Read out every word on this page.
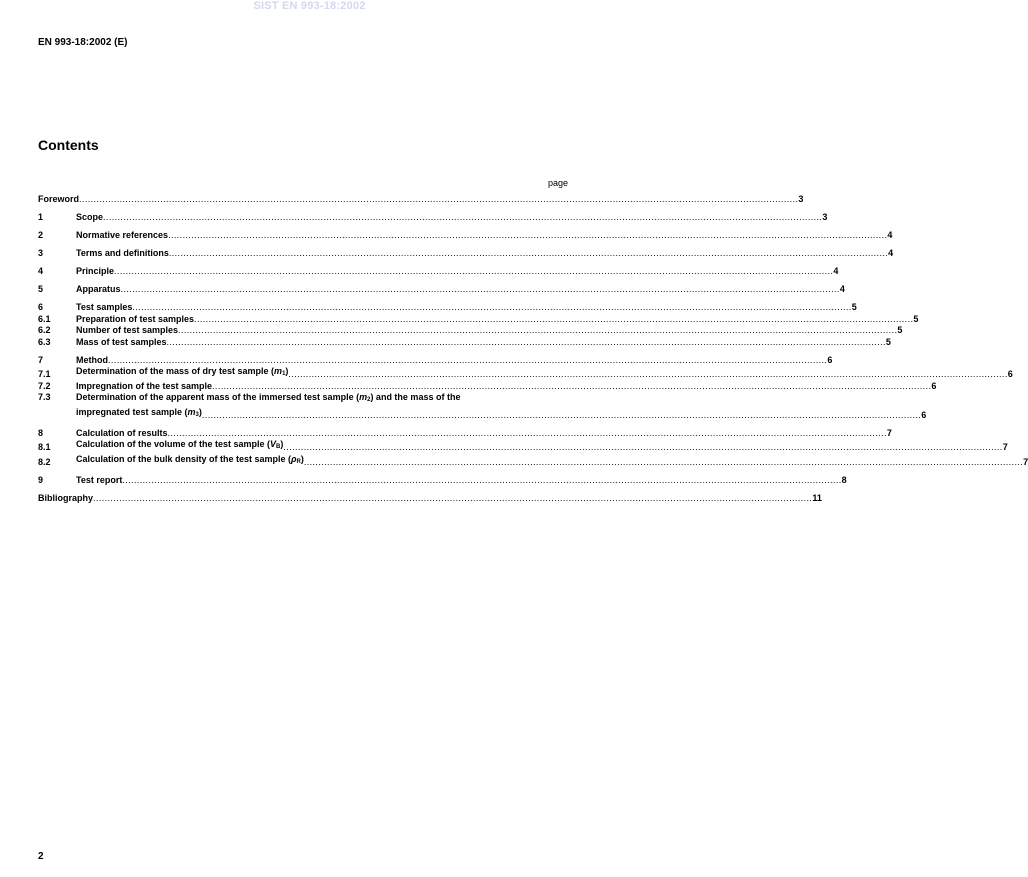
SIST EN 993-18:2002
EN 993-18:2002 (E)
Contents
page
Foreword .....	3
1	Scope .....	3
2	Normative references .....	4
3	Terms and definitions .....	4
4	Principle .....	4
5	Apparatus .....	4
6	Test samples .....	5
6.1	Preparation of test samples .....	5
6.2	Number of test samples .....	5
6.3	Mass of test samples .....	5
7	Method .....	6
7.1	Determination of the mass of dry test sample $(m_1)$ .....	6
7.2	Impregnation of the test sample .....	6
7.3	Determination of the apparent mass of the immersed test sample $(m_2)$ and the mass of the
impregnated test sample $(m_3)$ .....	6
8	Calculation of results .....	7
8.1	Calculation of the volume of the test sample $(V_B)$ .....	7
8.2	Calculation of the bulk density of the test sample $(\rho_R)$ .....	7
9	Test report .....	8
Bibliography .....	11
2
